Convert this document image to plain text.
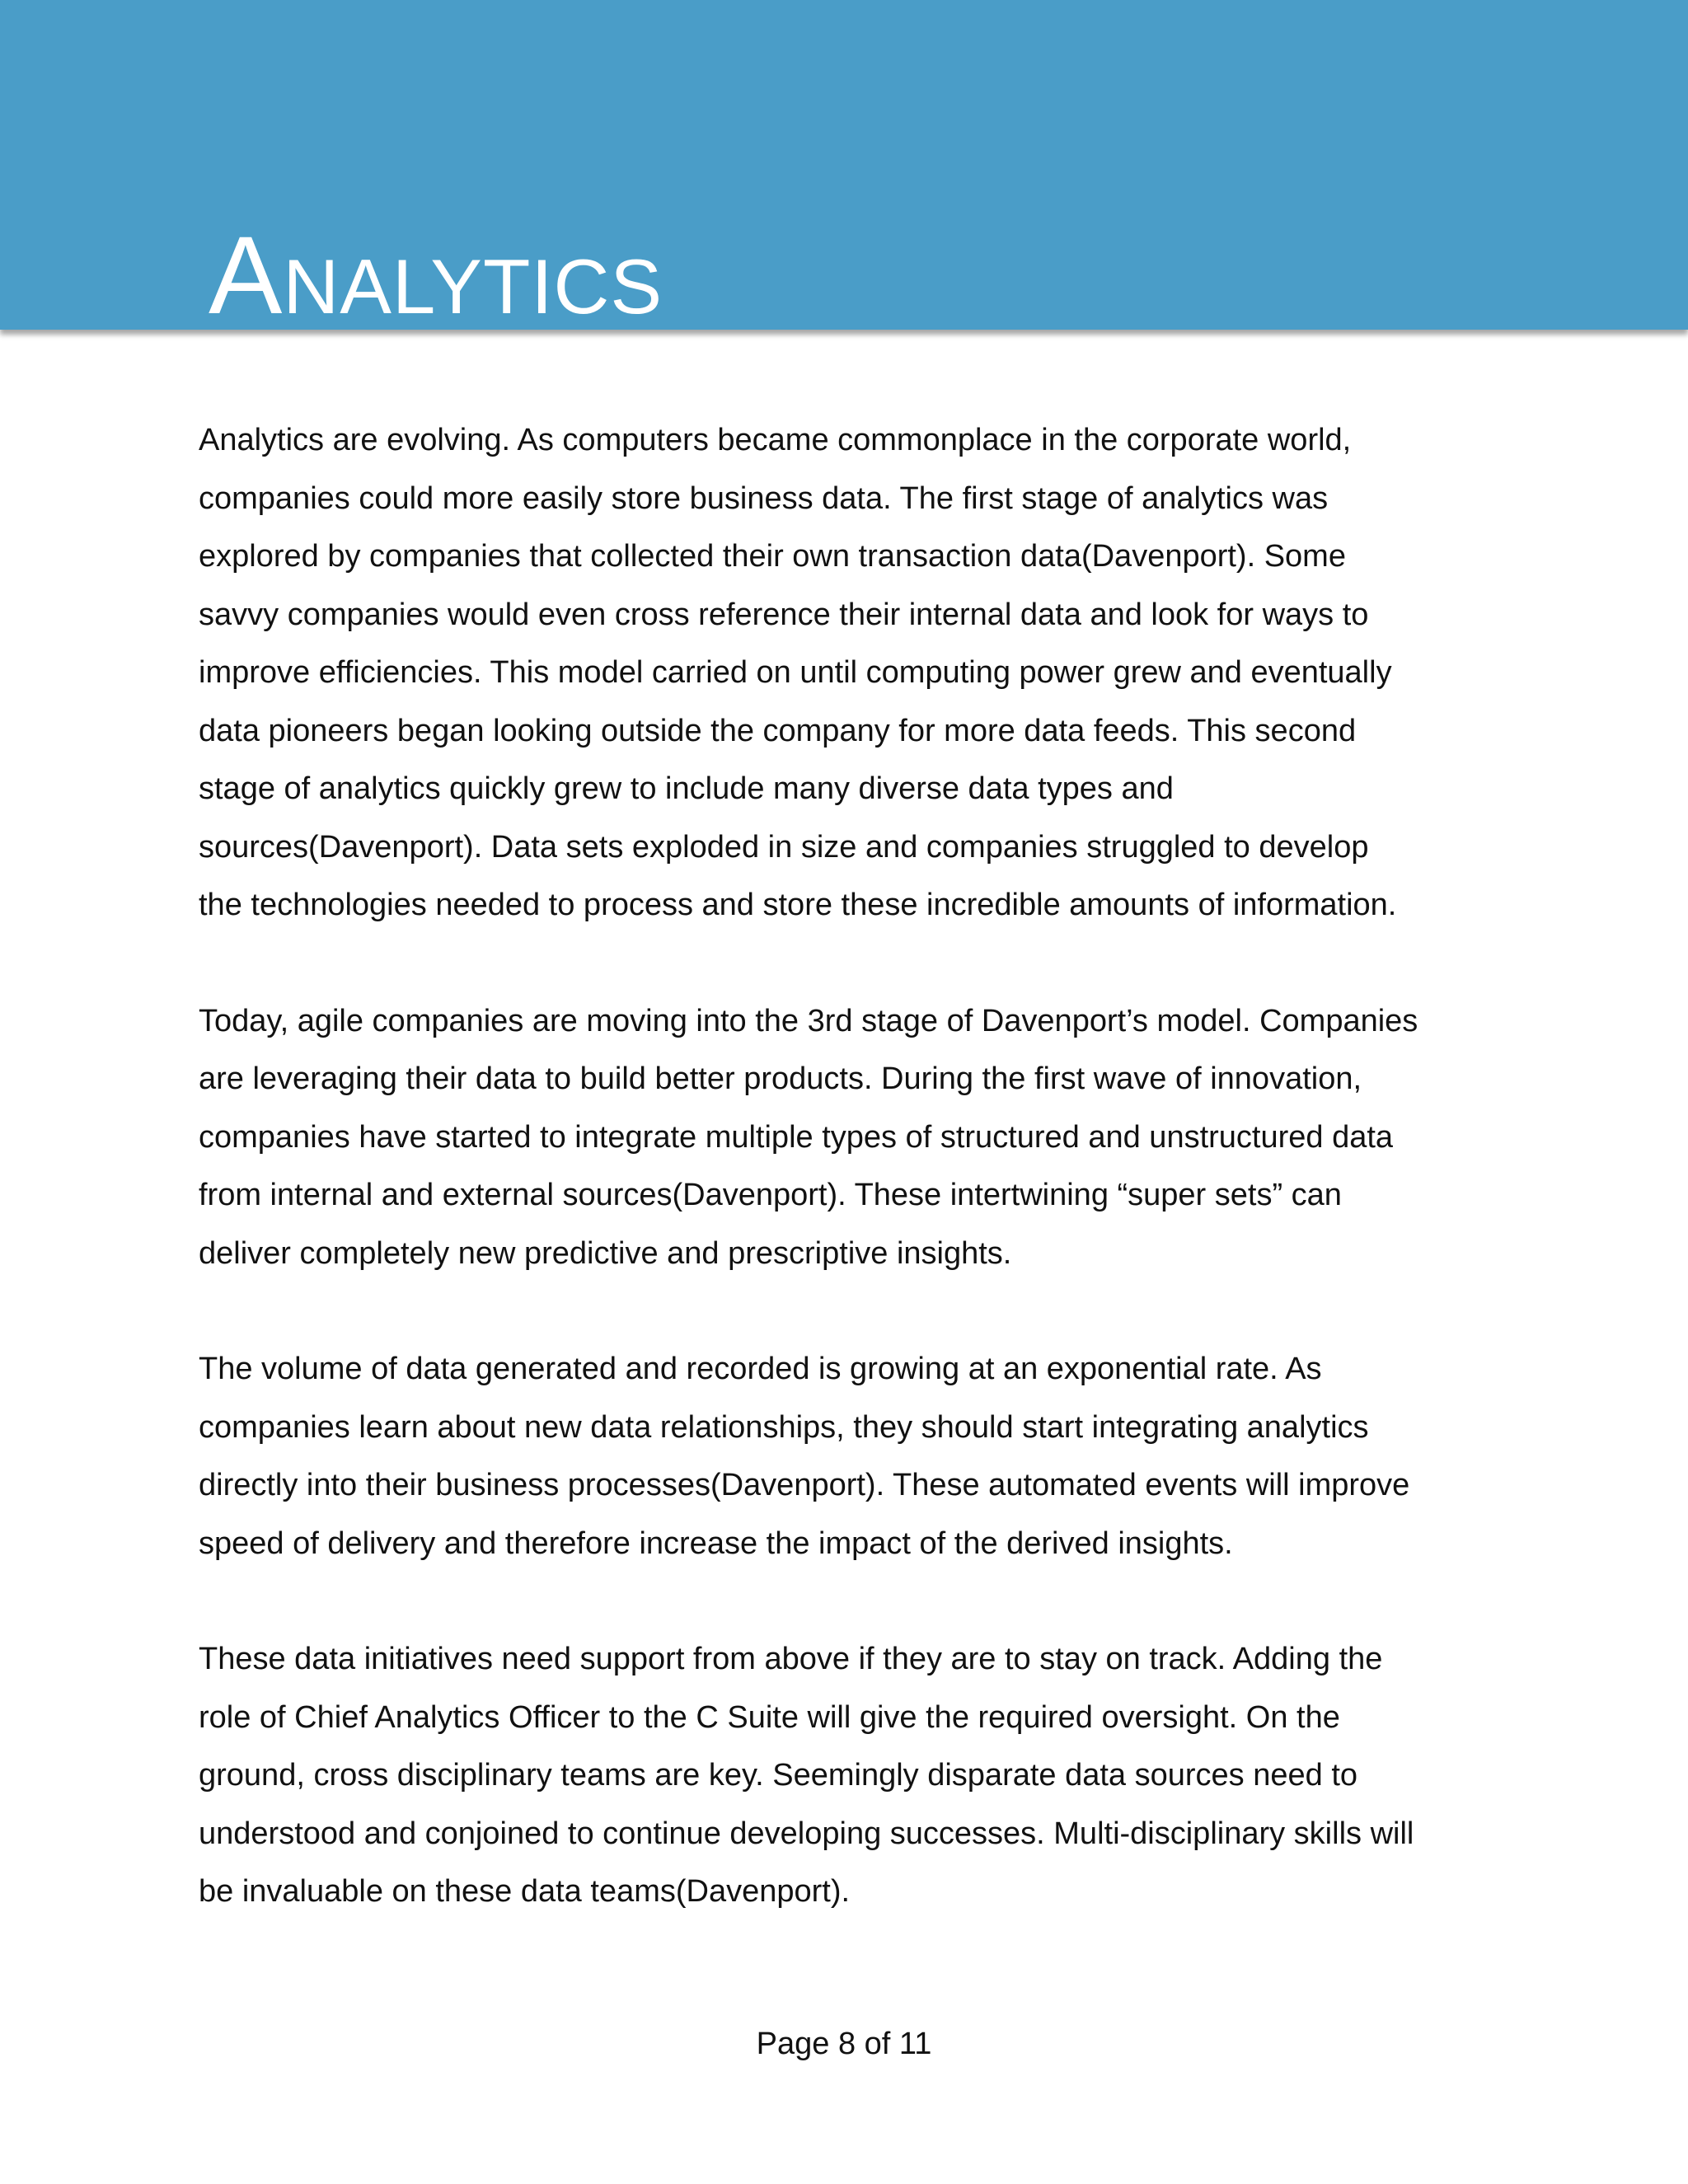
Analytics

Analytics are evolving. As computers became commonplace in the corporate world,
companies could more easily store business data. The first stage of analytics was
explored by companies that collected their own transaction data(Davenport). Some
savvy companies would even cross reference their internal data and look for ways to
improve efficiencies. This model carried on until computing power grew and eventually
data pioneers began looking outside the company for more data feeds. This second
stage of analytics quickly grew to include many diverse data types and
sources(Davenport). Data sets exploded in size and companies struggled to develop
the technologies needed to process and store these incredible amounts of information.

Today, agile companies are moving into the 3rd stage of Davenport’s model. Companies
are leveraging their data to build better products. During the first wave of innovation,
companies have started to integrate multiple types of structured and unstructured data
from internal and external sources(Davenport). These intertwining “super sets” can
deliver completely new predictive and prescriptive insights.

The volume of data generated and recorded is growing at an exponential rate. As
companies learn about new data relationships, they should start integrating analytics
directly into their business processes(Davenport). These automated events will improve
speed of delivery and therefore increase the impact of the derived insights.

These data initiatives need support from above if they are to stay on track. Adding the
role of Chief Analytics Officer to the C Suite will give the required oversight. On the
ground, cross disciplinary teams are key. Seemingly disparate data sources need to
understood and conjoined to continue developing successes. Multi-disciplinary skills will
be invaluable on these data teams(Davenport).

Page 8 of 11
